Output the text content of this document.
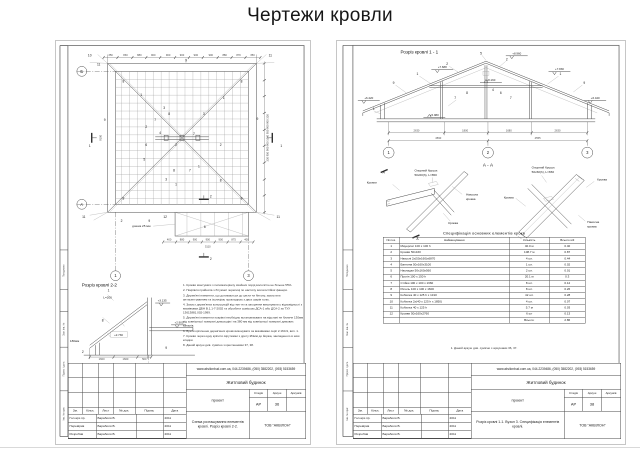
Чертежи кровли
Погоджено
Зам. інв. №
Підпис і дата
Інв. № ориг.
Розріз кровлі 2-2
350	830	880	900	900	900	900	900	880	870	350
330 950 900 900 1040 950 900 900 330
9100
400	880	900	900	900	875	400
5110
10
11
11
9
9	9
11	11
2	9
12
6
8	8
8	8
1
3
7
2
8
4
6	2
7
3
1
2
5
8	7
1
3
1
8
1	1
2
2
Б
А
1	3
дошка 25 мм
1
L=200
8
2
9
+3.135
+2.900
+2.730
180мм
1600	1600	500
1. Крокви монтувати з пиломатеріалу хвойних порід вологістю не більше 55%.
2. Покрівля прийнята з бітумної черепиці по настилу вологостійкої фанери.
3. Дерев'яні елементи, що дотикаються до цегли чи бетону, захистити антисептуванням та ізоляцією прокладкою з двох шарів толю.
4. Захист дерев'яних конструкцій від гниття та загоряння виконувати у відповідності з вказівками ДБН В.1.1-7-2002 та обробити сумішшю ДСА-1 або ДСА-2 за ТУУ 13613881.002-1999.
5. Дерев'яні елементи покрівлі необхідно встановлювати на відстані не ближче 130мм від зовнішньої поверхні димоходів і на 380 мм від зовнішньої поверхні димових каналів.
6. Вузли кріплення дерев'яних крокв виконувати за вказівками серії 2.160-9, вип. 1.
7. Крокви через одну кріпити скрутками з дроту Ø4мм до йоржа, закладеного в шви кладки.
8. Даний аркуш див. сумісно з кресленнями 37, 38.
Зм.	Кільк.	Лист	№ док.	Підпис	Дата
Гол.арх.пр.	Бараболя В.	2011
Перевірив	Бараболя В.	2011
Розробив	Бараболя В.	2011
www.akvilonbud.com.ua, 044-2239486, (050) 3582202, (093) 5153659
Житловий будинок
проект
Стадія	Аркуш	Аркушів
АР	36
Схема розташування елементів кровлі. Розріз кровлі 2-2.	ТОВ "АКВІЛОН"
Погоджено
Зам. інв. №
Підпис і дата
Інв. № ориг.
Розріз кровлі 1 - 1
А - А
+8.960
+7.688
+8.160
+7.830
+6.420	+6.420
+5.980
9
1
2
5
2
1
9
7
8
4
6
7
1
2630	1800	1680	2630
4590	4555
1	2	3
Крокви
Опорний брусок
50х60(h), L=650
Накосна
кроква
Кроква
А
А
Опорний брусок
50х60(h), L=650
Кроква
Кроква
Накосна
кроква
Специфікація основних елементів крокв
№ поз.	Найменування	Кількість	Всього м3
1	Мауерлат 100 х 100 h	40.0 м	0.40
2	Крокви 50х160	108.7 м	0.87
3	Накосні 2х(50х160)х6870	4 шт.	0.44
4	Бантина 50х160х3100	1 шт.	0.02
5	Накладки 50х160х560	2 шт.	0.01
6	Прогін 100 х 150 h	20.1 м	0.3
7	Стійки 100 х 100 х 1660	8 шт.	0.12
8	Ригель 100 х 100 х 1600	8 шт.	0.26
9	Кобилка 40 х 125 h х 1310	42 шт.	0.28
10	Кобилка 2х(40 х 125 h х 1850)	4 шт.	0.07
11	Кобилка 40 х 125 h	5.7 м	0.03
12	Крокви 50х160х2760	6 шт	0.13
		Всього:	2.86
1. Даний аркуш див. сумісно з аркушами 36, 37.
Зм.	Кільк.	Лист	№ док.	Підпис	Дата
Гол.арх.пр.	Бараболя В.	2011
Перевірив	Бараболя В.	2011
Розробив	Бараболя В.	2011
www.akvilonbud.com.ua, 044-2239486, (050) 3582202, (093) 5153659
Житловий будинок
проект
Стадія	Аркуш	Аркушів
АР	38
Розріз кровлі 1-1. Вузол 3. Специфікація елементів кровлі.	ТОВ "АКВІЛОН"
